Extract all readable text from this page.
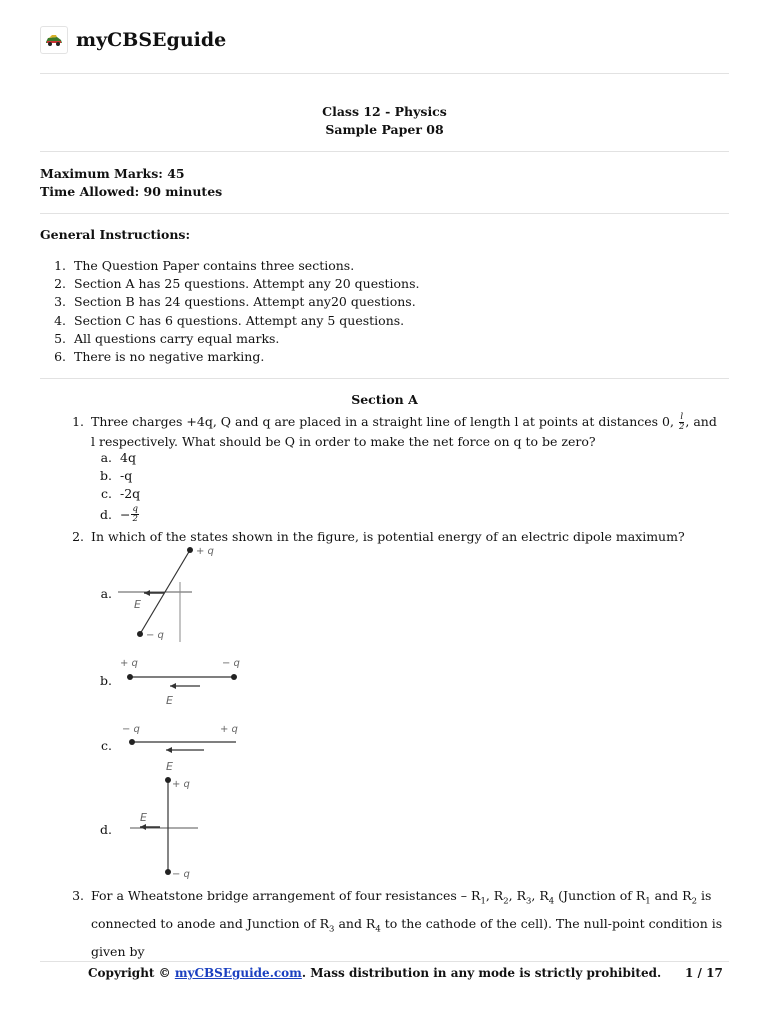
myCBSEguide
Class 12 - Physics
Sample Paper 08
Maximum Marks: 45
Time Allowed: 90 minutes
General Instructions:
1. The Question Paper contains three sections.
2. Section A has 25 questions. Attempt any 20 questions.
3. Section B has 24 questions. Attempt any20 questions.
4. Section C has 6 questions. Attempt any 5 questions.
5. All questions carry equal marks.
6. There is no negative marking.
Section A
1. Three charges +4q, Q and q are placed in a straight line of length l at points at distances 0, $\frac{l}{2}$ , and
l respectively. What should be Q in order to make the net force on q to be zero?
a. 4q
b. -q
c. -2q
d. − $\frac{q}{2}$
2. In which of the states shown in the figure, is potential energy of an electric dipole maximum?
a.
+ q
− q
E
b.
+ q	− q
E
c.
− q	+ q
E
d.
+ q
− q
E
3. For a Wheatstone bridge arrangement of four resistances – $R_1$, $R_2$, $R_3$, $R_4$ (Junction of $R_1$ and $R_2$ is
connected to anode and Junction of $R_3$ and $R_4$ to the cathode of the cell). The null-point condition is
given by
Copyright © myCBSEguide.com. Mass distribution in any mode is strictly prohibited. 1 / 17
